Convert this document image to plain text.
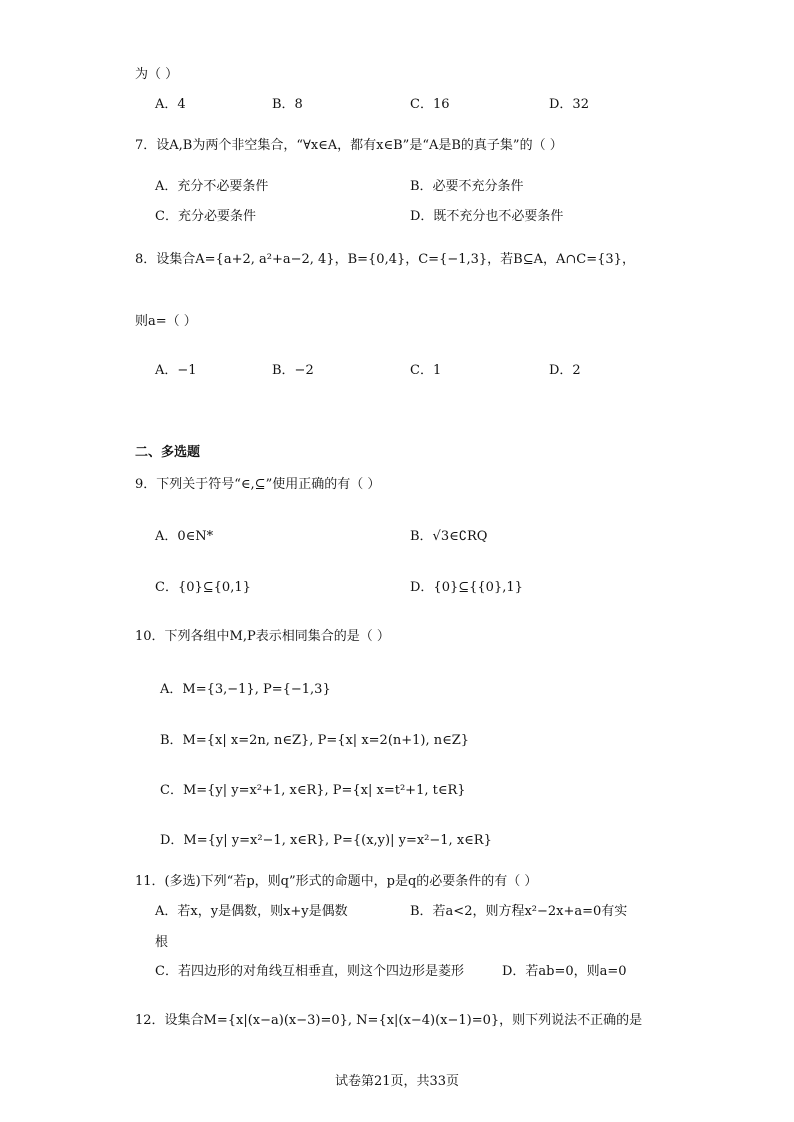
为（ ）
A．4	B．8	C．16	D．32
7．设A,B为两个非空集合，“∀x∈A，都有x∈B”是“A是B的真子集”的（ ）
A．充分不必要条件	B．必要不充分条件
C．充分必要条件	D．既不充分也不必要条件
8．设集合A={a+2, a²+a−2, 4}，B={0,4}，C={−1,3}，若B⊆A，A∩C={3}，
则a=（ ）
A．−1	B．−2	C．1	D．2
二、多选题
9．下列关于符号“∈,⊆”使用正确的有（ ）
A．0∈N*	B．√3∈∁RQ
C．{0}⊆{0,1}	D．{0}⊆{{0},1}
10．下列各组中M,P表示相同集合的是（ ）
A．M={3,−1}, P={−1,3}
B．M={x| x=2n, n∈Z}, P={x| x=2(n+1), n∈Z}
C．M={y| y=x²+1, x∈R}, P={x| x=t²+1, t∈R}
D．M={y| y=x²−1, x∈R}, P={(x,y)| y=x²−1, x∈R}
11．(多选)下列“若p，则q”形式的命题中，p是q的必要条件的有（ ）
A．若x，y是偶数，则x+y是偶数	B．若a<2，则方程x²−2x+a=0有实
根
C．若四边形的对角线互相垂直，则这个四边形是菱形	D．若ab=0，则a=0
12．设集合M={x|(x−a)(x−3)=0}, N={x|(x−4)(x−1)=0}，则下列说法不正确的是
试卷第21页，共33页
